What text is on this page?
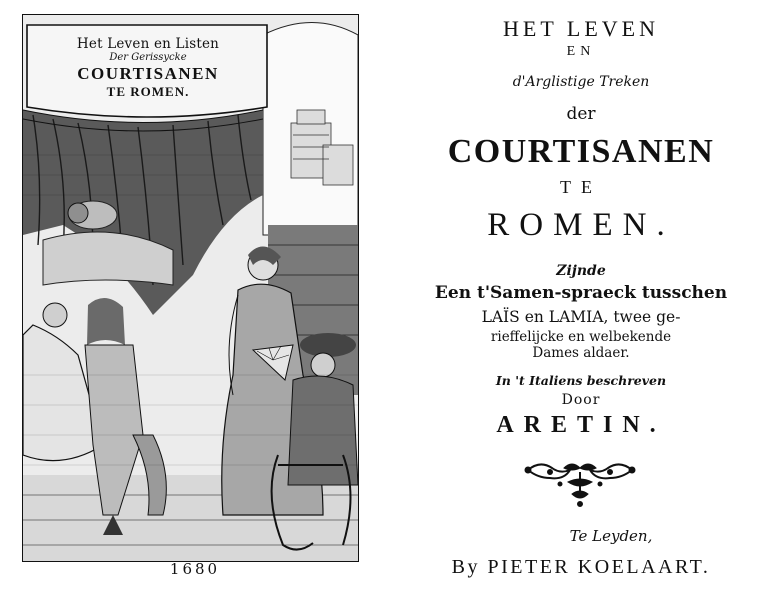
Het Leven en Listen
Der Gerissycke
COURTISANEN
TE ROMEN.
1680
HET LEVEN
EN
d'Arglistige Treken
der
COURTISANEN
TE
ROMEN.
Zijnde
Een t'Samen-spraeck tusschen
LAÏS en LAMIA, twee ge-
rieffelijcke en welbekende
Dames aldaer.
In 't Italiens beschreven
Door
ARETIN.
Te Leyden,
By PIETER KOELAART.
